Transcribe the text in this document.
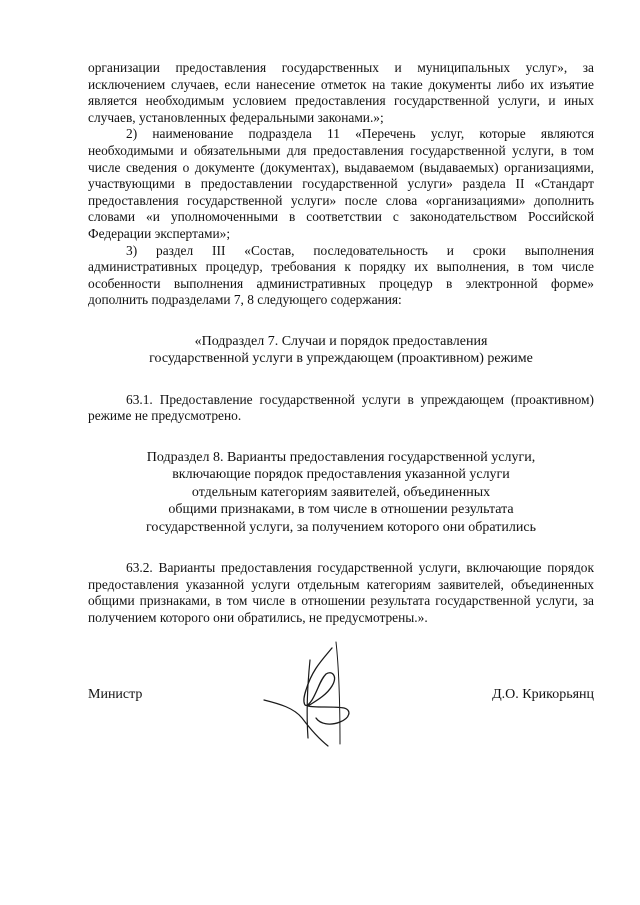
организации предоставления государственных и муниципальных услуг», за исключением случаев, если нанесение отметок на такие документы либо их изъятие является необходимым условием предоставления государственной услуги, и иных случаев, установленных федеральными законами.»;

2) наименование подраздела 11 «Перечень услуг, которые являются необходимыми и обязательными для предоставления государственной услуги, в том числе сведения о документе (документах), выдаваемом (выдаваемых) организациями, участвующими в предоставлении государственной услуги» раздела II «Стандарт предоставления государственной услуги» после слова «организациями» дополнить словами «и уполномоченными в соответствии с законодательством Российской Федерации экспертами»;

3) раздел III «Состав, последовательность и сроки выполнения административных процедур, требования к порядку их выполнения, в том числе особенности выполнения административных процедур в электронной форме» дополнить подразделами 7, 8 следующего содержания:

«Подраздел 7. Случаи и порядок предоставления
государственной услуги в упреждающем (проактивном) режиме

63.1. Предоставление государственной услуги в упреждающем (проактивном) режиме не предусмотрено.

Подраздел 8. Варианты предоставления государственной услуги,
включающие порядок предоставления указанной услуги
отдельным категориям заявителей, объединенных
общими признаками, в том числе в отношении результата
государственной услуги, за получением которого они обратились

63.2. Варианты предоставления государственной услуги, включающие порядок предоставления указанной услуги отдельным категориям заявителей, объединенных общими признаками, в том числе в отношении результата государственной услуги, за получением которого они обратились, не предусмотрены.».

Министр	Д.О. Крикорьянц
